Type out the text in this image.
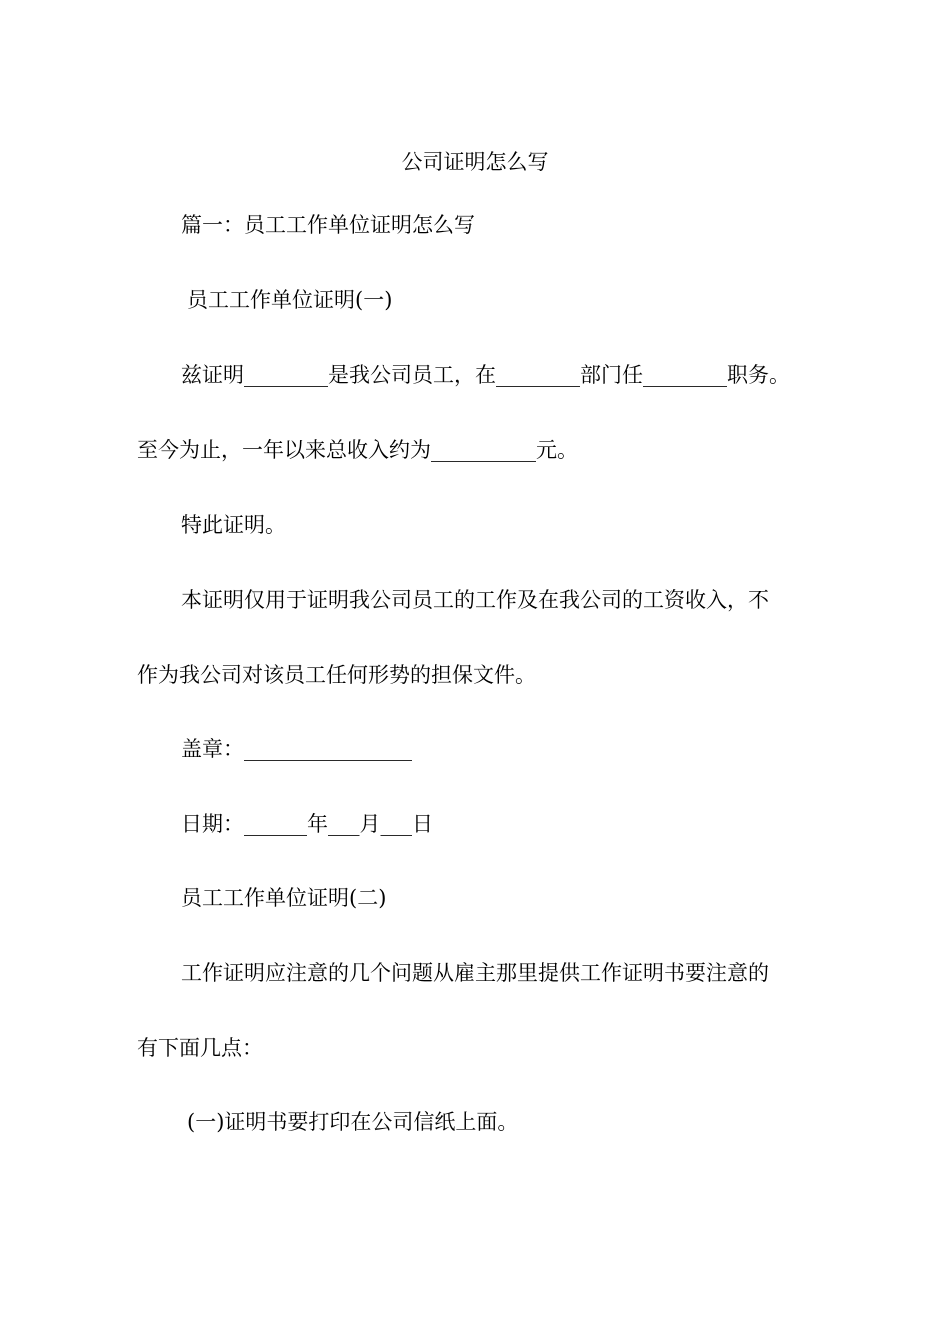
公司证明怎么写
篇一：员工工作单位证明怎么写
员工工作单位证明(一)
兹证明________是我公司员工，在________部门任________职务。
至今为止，一年以来总收入约为__________元。
特此证明。
本证明仅用于证明我公司员工的工作及在我公司的工资收入，不
作为我公司对该员工任何形势的担保文件。
盖章：________________
日期：______年___月___日
员工工作单位证明(二)
工作证明应注意的几个问题从雇主那里提供工作证明书要注意的
有下面几点：
(一)证明书要打印在公司信纸上面。
